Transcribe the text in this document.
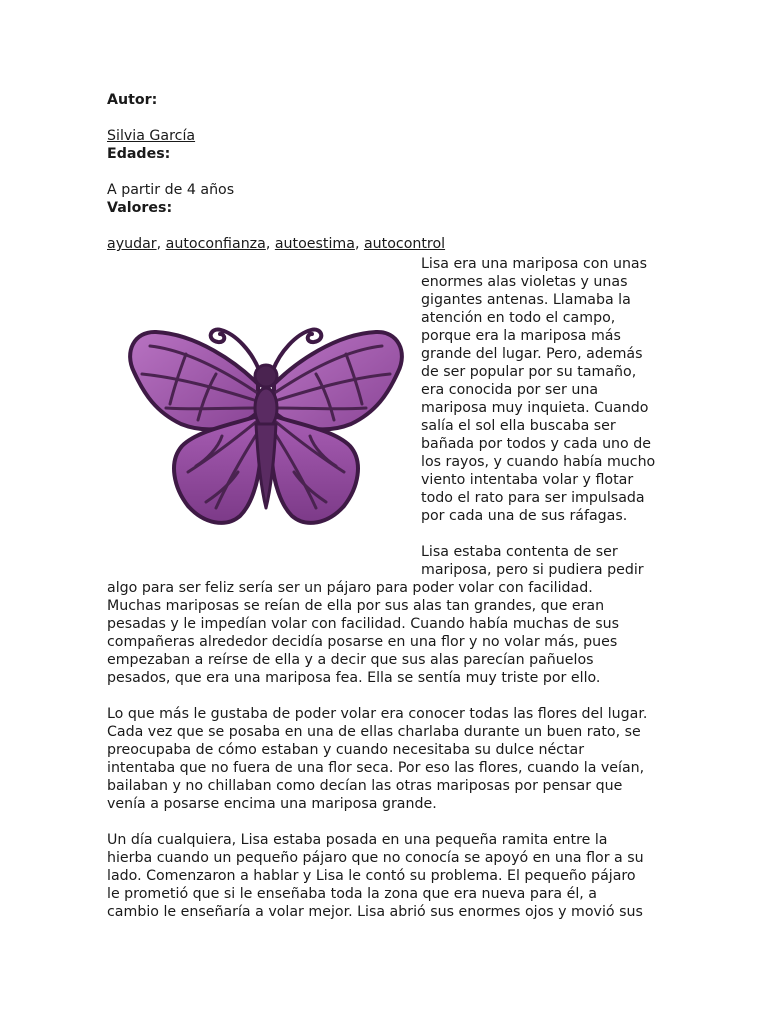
Autor:
Silvia García
Edades:
A partir de 4 años
Valores:
ayudar, autoconfianza, autoestima, autocontrol
Lisa era una mariposa con unas
enormes alas violetas y unas
gigantes antenas. Llamaba la
atención en todo el campo,
porque era la mariposa más
grande del lugar. Pero, además
de ser popular por su tamaño,
era conocida por ser una
mariposa muy inquieta. Cuando
salía el sol ella buscaba ser
bañada por todos y cada uno de
los rayos, y cuando había mucho
viento intentaba volar y flotar
todo el rato para ser impulsada
por cada una de sus ráfagas.
Lisa estaba contenta de ser
mariposa, pero si pudiera pedir
algo para ser feliz sería ser un pájaro para poder volar con facilidad.
Muchas mariposas se reían de ella por sus alas tan grandes, que eran
pesadas y le impedían volar con facilidad. Cuando había muchas de sus
compañeras alrededor decidía posarse en una flor y no volar más, pues
empezaban a reírse de ella y a decir que sus alas parecían pañuelos
pesados, que era una mariposa fea. Ella se sentía muy triste por ello.
Lo que más le gustaba de poder volar era conocer todas las flores del lugar.
Cada vez que se posaba en una de ellas charlaba durante un buen rato, se
preocupaba de cómo estaban y cuando necesitaba su dulce néctar
intentaba que no fuera de una flor seca. Por eso las flores, cuando la veían,
bailaban y no chillaban como decían las otras mariposas por pensar que
venía a posarse encima una mariposa grande.
Un día cualquiera, Lisa estaba posada en una pequeña ramita entre la
hierba cuando un pequeño pájaro que no conocía se apoyó en una flor a su
lado. Comenzaron a hablar y Lisa le contó su problema. El pequeño pájaro
le prometió que si le enseñaba toda la zona que era nueva para él, a
cambio le enseñaría a volar mejor. Lisa abrió sus enormes ojos y movió sus
